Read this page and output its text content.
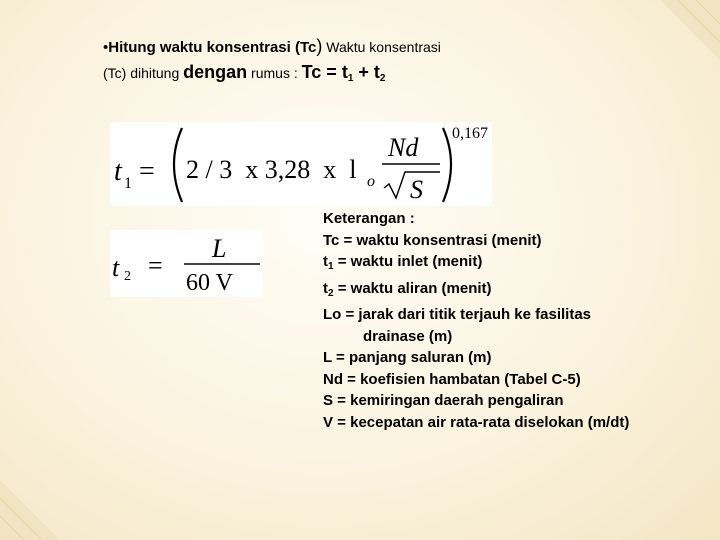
•Hitung waktu konsentrasi (Tc) Waktu konsentrasi
(Tc) dihitung dengan rumus : $Tc = t_1 + t_2$
t 1 = 2 / 3  x 3,28  x  l o
Nd
S
0,167
t 2 =
L
60 V
Keterangan :
Tc = waktu konsentrasi (menit)
$t_1$ = waktu inlet (menit)
$t_2$ = waktu aliran (menit)
Lo = jarak dari titik terjauh ke fasilitas
drainase (m)
L = panjang saluran (m)
Nd = koefisien hambatan (Tabel C-5)
S = kemiringan daerah pengaliran
V = kecepatan air rata-rata diselokan (m/dt)
